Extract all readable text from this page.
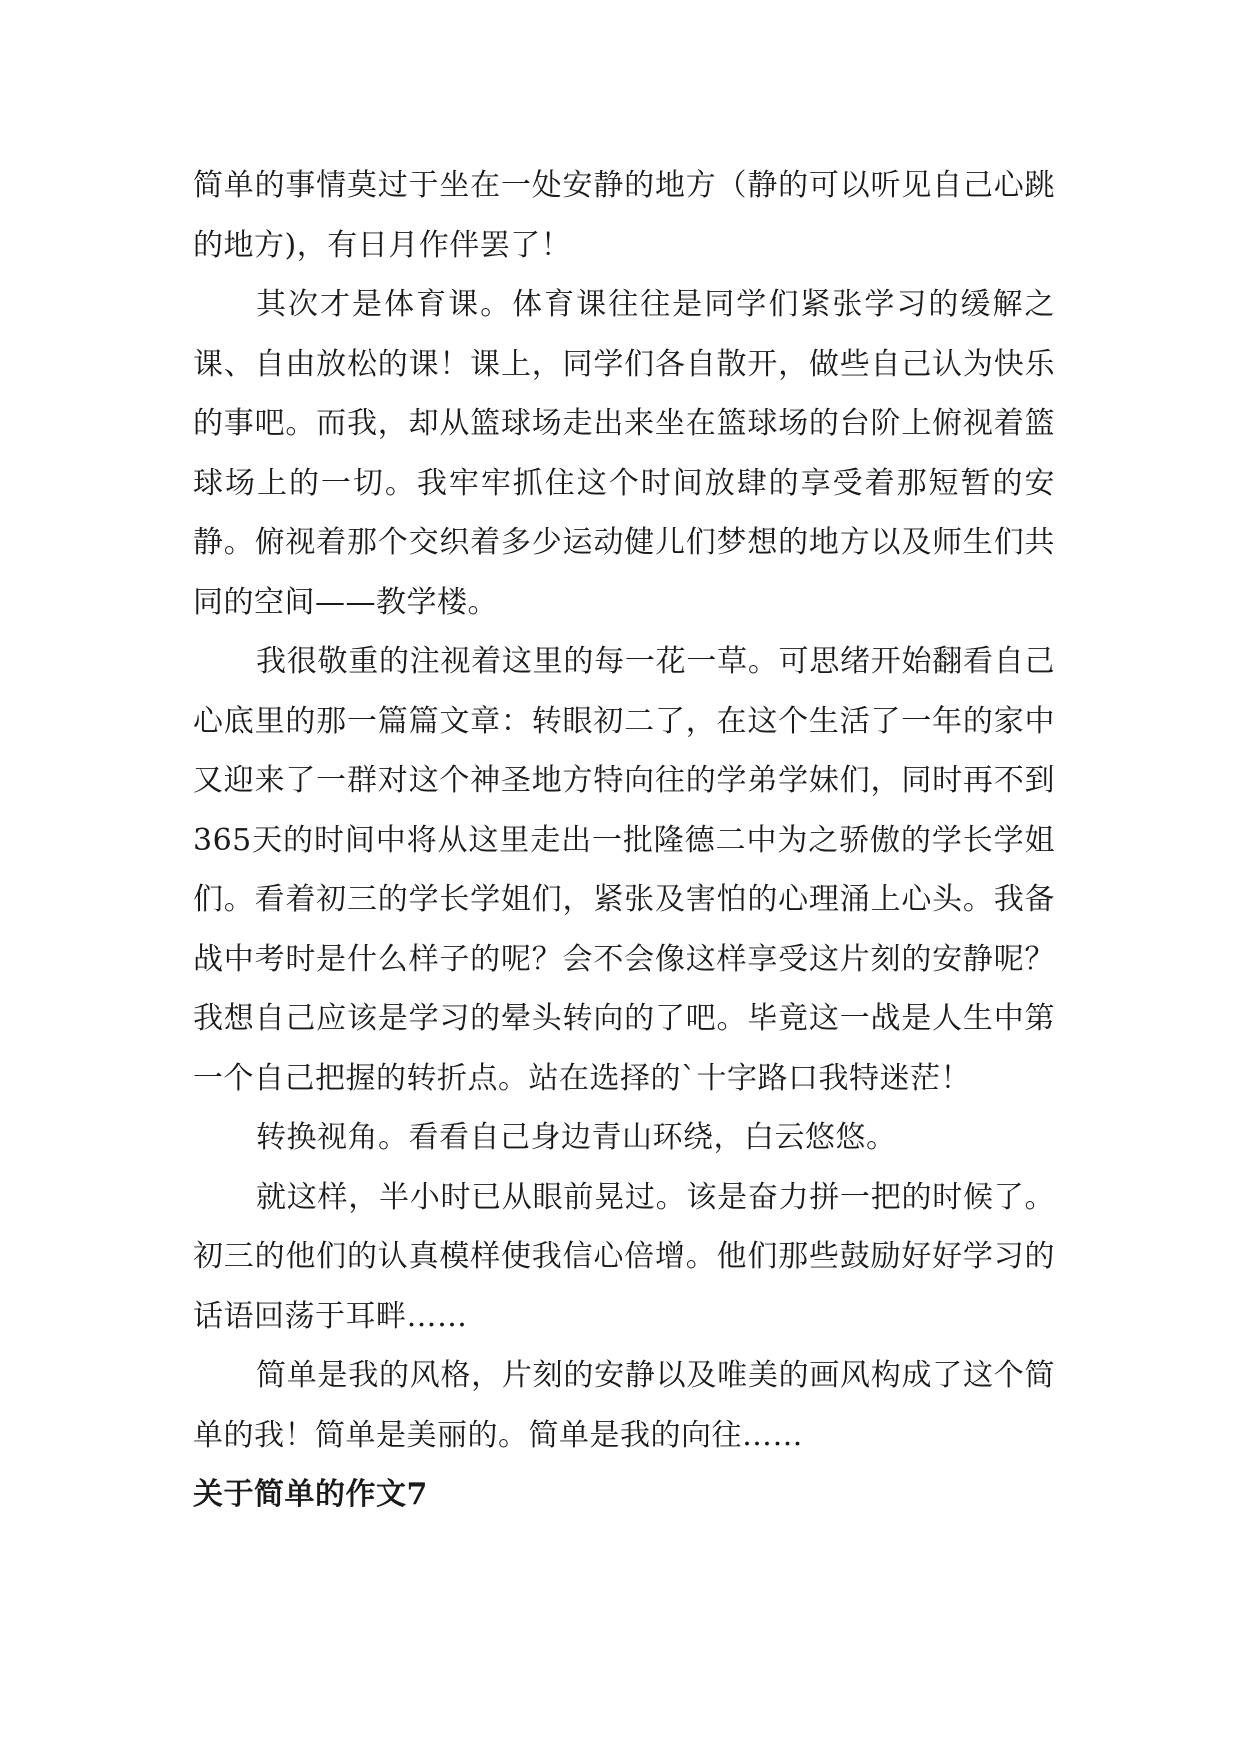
简单的事情莫过于坐在一处安静的地方（静的可以听见自己心跳的地方)，有日月作伴罢了！

其次才是体育课。体育课往往是同学们紧张学习的缓解之课、自由放松的课！课上，同学们各自散开，做些自己认为快乐的事吧。而我，却从篮球场走出来坐在篮球场的台阶上俯视着篮球场上的一切。我牢牢抓住这个时间放肆的享受着那短暂的安静。俯视着那个交织着多少运动健儿们梦想的地方以及师生们共同的空间——教学楼。

我很敬重的注视着这里的每一花一草。可思绪开始翻看自己心底里的那一篇篇文章：转眼初二了，在这个生活了一年的家中又迎来了一群对这个神圣地方特向往的学弟学妹们，同时再不到365天的时间中将从这里走出一批隆德二中为之骄傲的学长学姐们。看着初三的学长学姐们，紧张及害怕的心理涌上心头。我备战中考时是什么样子的呢？会不会像这样享受这片刻的安静呢？我想自己应该是学习的晕头转向的了吧。毕竟这一战是人生中第一个自己把握的转折点。站在选择的`十字路口我特迷茫！

转换视角。看看自己身边青山环绕，白云悠悠。

就这样，半小时已从眼前晃过。该是奋力拼一把的时候了。初三的他们的认真模样使我信心倍增。他们那些鼓励好好学习的话语回荡于耳畔……

简单是我的风格，片刻的安静以及唯美的画风构成了这个简单的我！简单是美丽的。简单是我的向往……

关于简单的作文7
